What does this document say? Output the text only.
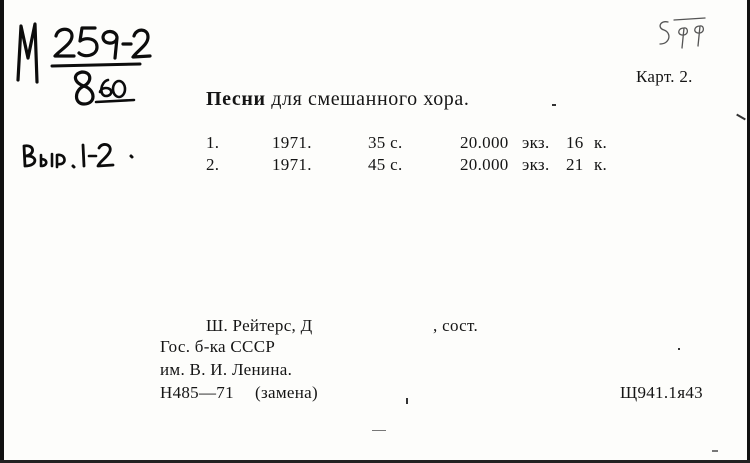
Карт. 2.
Песни для смешанного хора.
1.	1971.	35 с.	20.000 экз. 16 к.
2.	1971.	45 с.	20.000 экз. 21 к.
Ш. Рейтерс, Д	, сост.
Гос. б-ка СССР
им. В. И. Ленина.
Н485—71 (замена)	Щ941.1я43
